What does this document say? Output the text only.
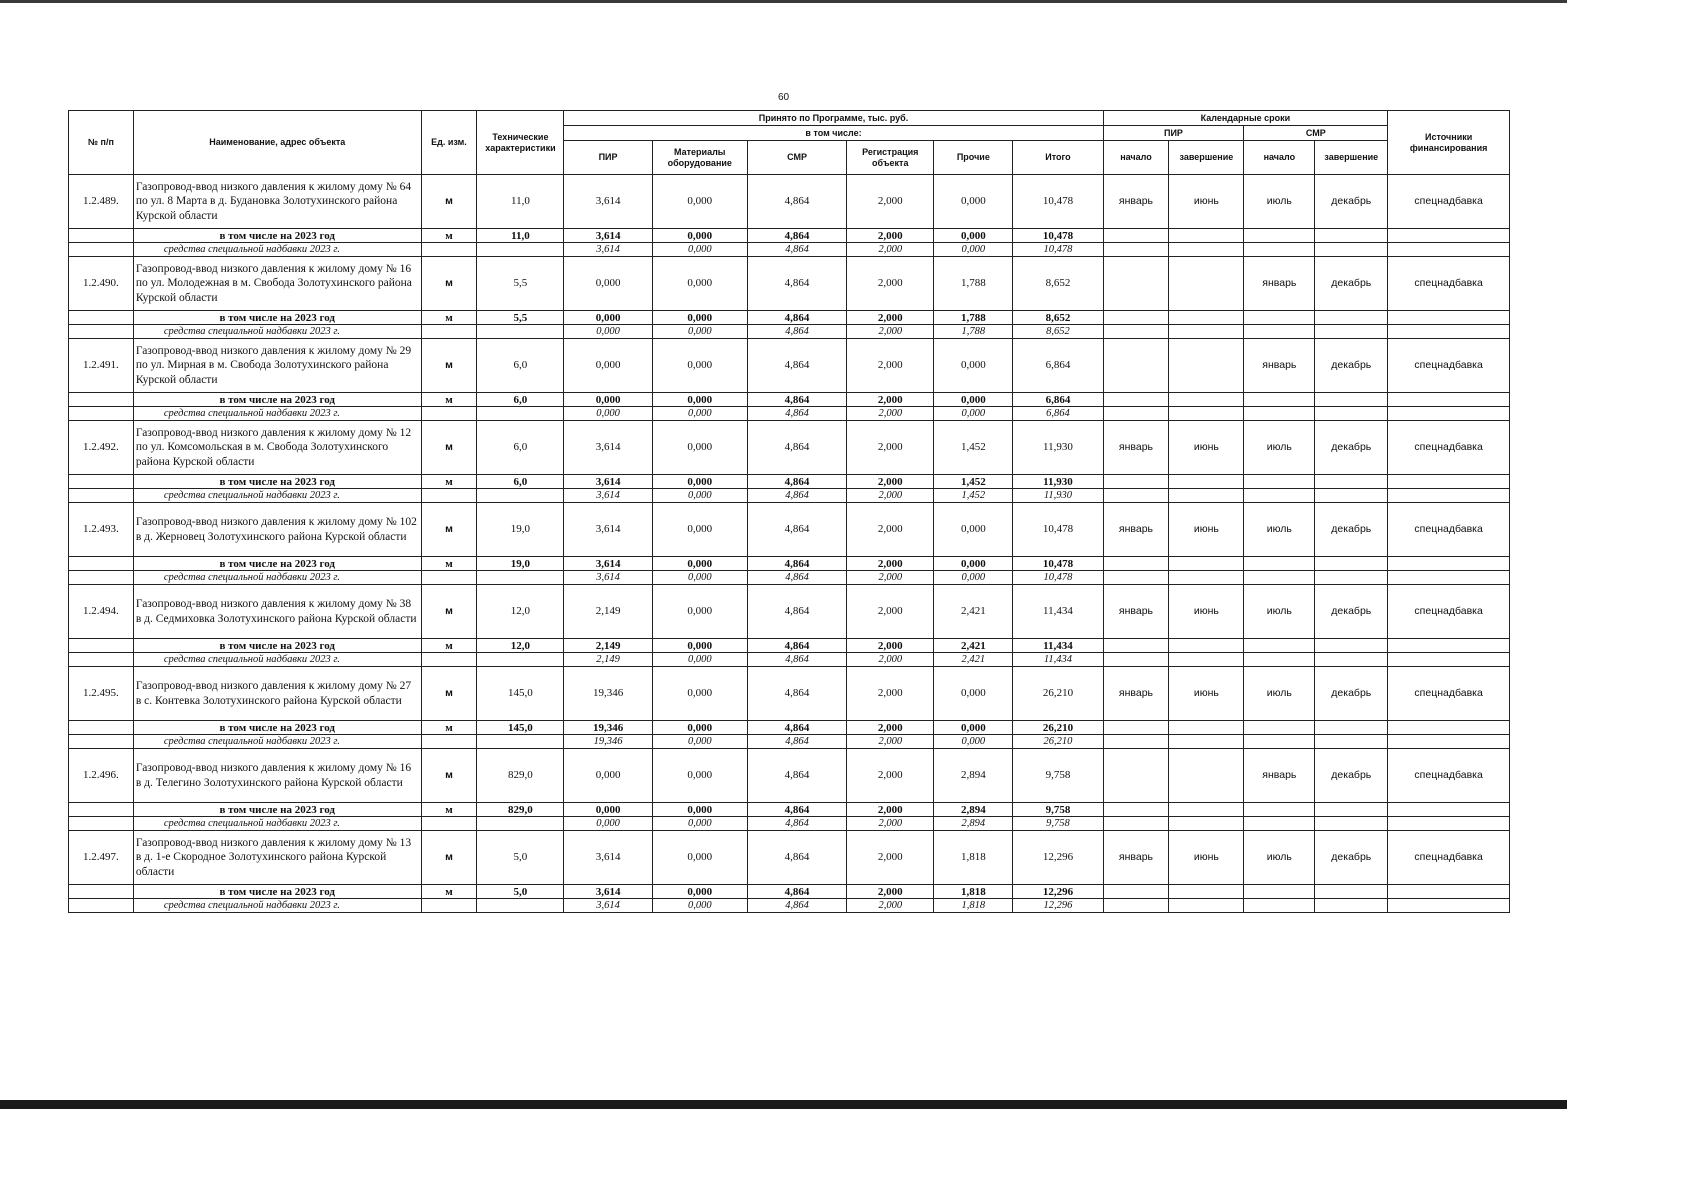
60
№ п/п	Наименование, адрес объекта	Ед. изм.	Технические характеристики	Принято по Программе, тыс. руб.						Календарные сроки				Источники финансирования
				в том числе:						ПИР		СМР		
				ПИР	Материалы оборудование	СМР	Регистрация объекта	Прочие	Итого	начало	завершение	начало	завершение	
1.2.489.	Газопровод-ввод низкого давления к жилому дому № 64 по ул. 8 Марта в д. Будановка Золотухинского района Курской области	м	11,0	3,614	0,000	4,864	2,000	0,000	10,478	январь	июнь	июль	декабрь	спецнадбавка
	в том числе на 2023 год	м	11,0	3,614	0,000	4,864	2,000	0,000	10,478					
	средства специальной надбавки 2023 г.			3,614	0,000	4,864	2,000	0,000	10,478					
1.2.490.	Газопровод-ввод низкого давления к жилому дому № 16 по ул. Молодежная в м. Свобода Золотухинского района Курской области	м	5,5	0,000	0,000	4,864	2,000	1,788	8,652			январь	декабрь	спецнадбавка
	в том числе на 2023 год	м	5,5	0,000	0,000	4,864	2,000	1,788	8,652					
	средства специальной надбавки 2023 г.			0,000	0,000	4,864	2,000	1,788	8,652					
1.2.491.	Газопровод-ввод низкого давления к жилому дому № 29 по ул. Мирная в м. Свобода Золотухинского района Курской области	м	6,0	0,000	0,000	4,864	2,000	0,000	6,864			январь	декабрь	спецнадбавка
	в том числе на 2023 год	м	6,0	0,000	0,000	4,864	2,000	0,000	6,864					
	средства специальной надбавки 2023 г.			0,000	0,000	4,864	2,000	0,000	6,864					
1.2.492.	Газопровод-ввод низкого давления к жилому дому № 12 по ул. Комсомольская в м. Свобода Золотухинского района Курской области	м	6,0	3,614	0,000	4,864	2,000	1,452	11,930	январь	июнь	июль	декабрь	спецнадбавка
	в том числе на 2023 год	м	6,0	3,614	0,000	4,864	2,000	1,452	11,930					
	средства специальной надбавки 2023 г.			3,614	0,000	4,864	2,000	1,452	11,930					
1.2.493.	Газопровод-ввод низкого давления к жилому дому № 102 в д. Жерновец Золотухинского района Курской области	м	19,0	3,614	0,000	4,864	2,000	0,000	10,478	январь	июнь	июль	декабрь	спецнадбавка
	в том числе на 2023 год	м	19,0	3,614	0,000	4,864	2,000	0,000	10,478					
	средства специальной надбавки 2023 г.			3,614	0,000	4,864	2,000	0,000	10,478					
1.2.494.	Газопровод-ввод низкого давления к жилому дому № 38 в д. Седмиховка Золотухинского района Курской области	м	12,0	2,149	0,000	4,864	2,000	2,421	11,434	январь	июнь	июль	декабрь	спецнадбавка
	в том числе на 2023 год	м	12,0	2,149	0,000	4,864	2,000	2,421	11,434					
	средства специальной надбавки 2023 г.			2,149	0,000	4,864	2,000	2,421	11,434					
1.2.495.	Газопровод-ввод низкого давления к жилому дому № 27 в с. Контевка Золотухинского района Курской области	м	145,0	19,346	0,000	4,864	2,000	0,000	26,210	январь	июнь	июль	декабрь	спецнадбавка
	в том числе на 2023 год	м	145,0	19,346	0,000	4,864	2,000	0,000	26,210					
	средства специальной надбавки 2023 г.			19,346	0,000	4,864	2,000	0,000	26,210					
1.2.496.	Газопровод-ввод низкого давления к жилому дому № 16 в д. Телегино Золотухинского района Курской области	м	829,0	0,000	0,000	4,864	2,000	2,894	9,758			январь	декабрь	спецнадбавка
	в том числе на 2023 год	м	829,0	0,000	0,000	4,864	2,000	2,894	9,758					
	средства специальной надбавки 2023 г.			0,000	0,000	4,864	2,000	2,894	9,758					
1.2.497.	Газопровод-ввод низкого давления к жилому дому № 13 в д. 1-е Скородное Золотухинского района Курской области	м	5,0	3,614	0,000	4,864	2,000	1,818	12,296	январь	июнь	июль	декабрь	спецнадбавка
	в том числе на 2023 год	м	5,0	3,614	0,000	4,864	2,000	1,818	12,296					
	средства специальной надбавки 2023 г.			3,614	0,000	4,864	2,000	1,818	12,296					
